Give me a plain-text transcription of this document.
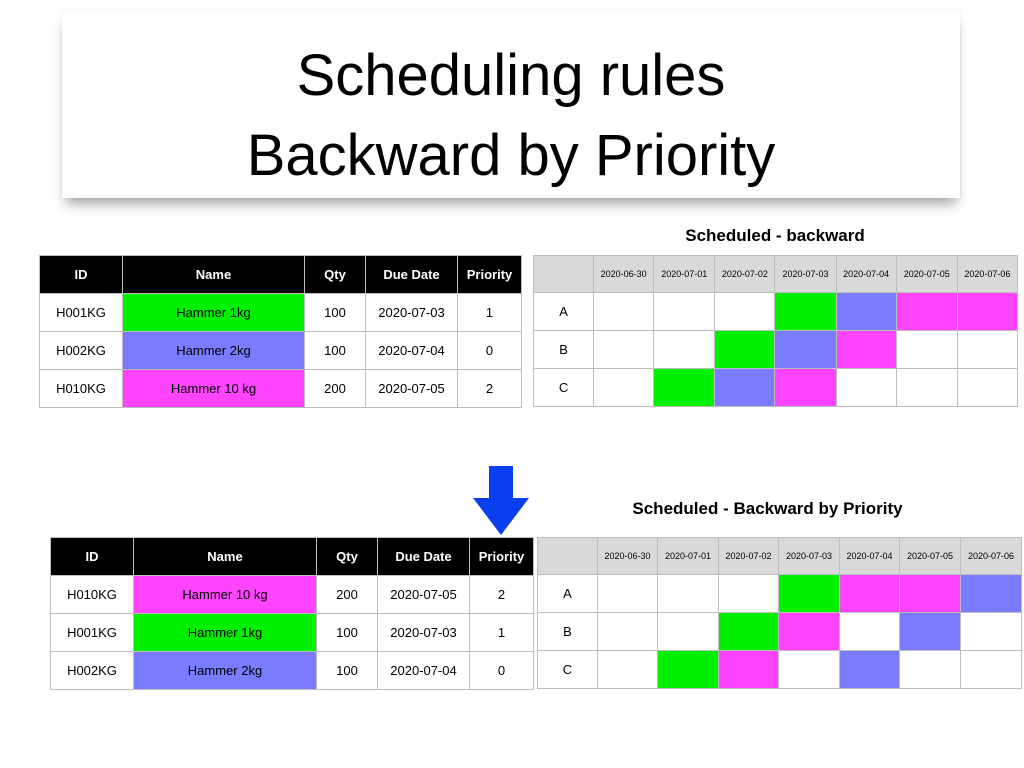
Scheduling rules
Backward by Priority
ID	Name	Qty	Due Date	Priority
H001KG	Hammer 1kg	100	2020-07-03	1
H002KG	Hammer 2kg	100	2020-07-04	0
H010KG	Hammer 10 kg	200	2020-07-05	2
Scheduled - backward
	2020-06-30	2020-07-01	2020-07-02	2020-07-03	2020-07-04	2020-07-05	2020-07-06
A							
B							
C							
ID	Name	Qty	Due Date	Priority
H010KG	Hammer 10 kg	200	2020-07-05	2
H001KG	Hammer 1kg	100	2020-07-03	1
H002KG	Hammer 2kg	100	2020-07-04	0
Scheduled - Backward by Priority
	2020-06-30	2020-07-01	2020-07-02	2020-07-03	2020-07-04	2020-07-05	2020-07-06
A							
B							
C							
